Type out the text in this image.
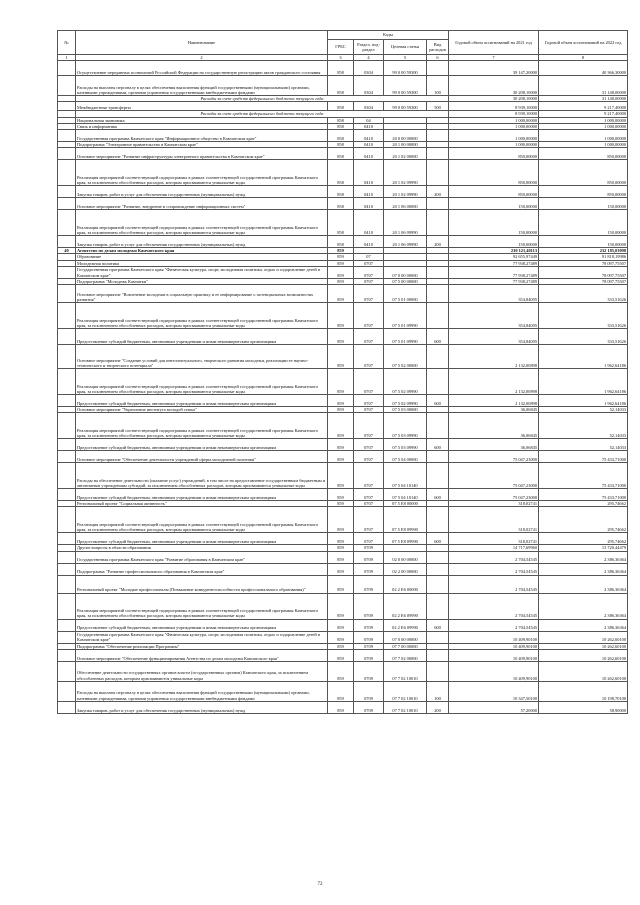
№	Наименование	Коды				Годовой объем ассигнований на 2021 год	Годовой объем ассигнований на 2022 год
		ГРБС	Раздел, под-раздел	Целевая статья	Вид расходов		
1	2	3	4	5	6	7	8
	Осуществление переданных полномочий Российской Федерации на государственную регистрацию актов гражданского состояния	858	0304	99 0 00 59300		39 147,20000	40 366,30000
	Расходы на выплаты персоналу в целях обеспечения выполнения функций государственными (муниципальными) органами, казенными учреждениями, органами управления государственными внебюджетными фондами	858	0304	99 0 00 59300	100	30 208,10000	31 148,00000
	Расходы за счет средств федерального бюджета текущего года					30 208,10000	31 148,00000
	Межбюджетные трансферты	858	0304	99 0 00 59300	500	8 939,10000	9 217,40000
	Расходы за счет средств федерального бюджета текущего года					8 939,10000	9 217,40000
	Национальная экономика	858	04			1 000,00000	1 000,00000
	Связь и информатика	858	0410			1 000,00000	1 000,00000
	Государственная программа Камчатского края "Информационное общество в Камчатском крае"	858	0410	20 0 00 00000		1 000,00000	1 000,00000
	Подпрограмма "Электронное правительство в Камчатском крае"	858	0410	20 1 00 00000		1 000,00000	1 000,00000
	Основное мероприятие "Развитие инфраструктуры электронного правительства в Камчатском крае"	858	0410	20 1 02 00000		850,00000	850,00000
	Реализация мероприятий соответствующей подпрограммы в рамках соответствующей государственной программы Камчатского края, за исключением обособленных расходов, которым присваиваются уникальные коды	858	0410	20 1 02 09990		850,00000	850,00000
	Закупка товаров, работ и услуг для обеспечения государственных (муниципальных) нужд	858	0410	20 1 02 09990	200	850,00000	850,00000
	Основное мероприятие "Развитие, внедрение и сопровождение информационных систем"	858	0410	20 1 06 00000		150,00000	150,00000
	Реализация мероприятий соответствующей подпрограммы в рамках соответствующей государственной программы Камчатского края, за исключением обособленных расходов, которым присваиваются уникальные коды	858	0410	20 1 06 09990		150,00000	150,00000
	Закупка товаров, работ и услуг для обеспечения государственных (муниципальных) нужд	858	0410	20 1 06 09990	200	150,00000	150,00000
40	Агентство по делам молодежи Камчатского края	859				230 121,40113	232 185,03098
	Образование	859	07			92 655,97449	91 818,19986
	Молодежная политика	859	0707			77 938,27489	78 097,75507
	Государственная программа Камчатского края "Физическая культура, спорт, молодежная политика, отдых и оздоровление детей в Камчатском крае"	859	0707	07 0 00 00000		77 938,27489	78 097,75507
	Подпрограмма "Молодежь Камчатки"	859	0707	07 5 00 00000		77 938,27489	78 097,75507
	Основное мероприятие "Вовлечение молодежи в социальную практику и ее информирование о потенциальных возможностях развития"	859	0707	07 5 01 00000		354,84005	333,51626
	Реализация мероприятий соответствующей подпрограммы в рамках соответствующей государственной программы Камчатского края, за исключением обособленных расходов, которым присваиваются уникальные коды	859	0707	07 5 01 09990		354,84005	333,51626
	Предоставление субсидий бюджетным, автономным учреждениям и иным некоммерческим организациям	859	0707	07 5 01 09990	600	354,84005	333,51626
	Основное мероприятие "Создание условий для интеллектуального, творческого развития молодежи, реализации ее научно-технического и творческого потенциала"	859	0707	07 5 02 00000		2 132,00898	1 962,64186
	Реализация мероприятий соответствующей подпрограммы в рамках соответствующей государственной программы Камчатского края, за исключением обособленных расходов, которым присваиваются уникальные коды	859	0707	07 5 02 09990		2 132,00898	1 962,64186
	Предоставление субсидий бюджетным, автономным учреждениям и иным некоммерческим организациям	859	0707	07 5 02 09990	600	2 132,00898	1 962,64186
	Основное мероприятие "Укрепление института молодой семьи"	859	0707	07 5 03 00000		36,06845	52,14033
	Реализация мероприятий соответствующей подпрограммы в рамках соответствующей государственной программы Камчатского края, за исключением обособленных расходов, которым присваиваются уникальные коды	859	0707	07 5 03 09990		36,06845	52,14033
	Предоставление субсидий бюджетным, автономным учреждениям и иным некоммерческим организациям	859	0707	07 5 03 09990	600	36,06845	52,14033
	Основное мероприятие "Обеспечение деятельности учреждений сферы молодежной политики"	859	0707	07 5 04 00000		75 047,23000	75 433,71000
	Расходы на обеспечение деятельности (оказание услуг) учреждений, в том числе на предоставление государственным бюджетным и автономным учреждениям субсидий, за исключением обособленных расходов, которым присваиваются уникальные коды	859	0707	07 5 04 10140		75 047,23000	75 433,71000
	Предоставление субсидий бюджетным, автономным учреждениям и иным некоммерческим организациям	859	0707	07 5 04 10140	600	75 047,23000	75 433,71000
	Региональный проект "Социальная активность"	859	0707	07 5 E8 00000		318,02741	295,74662
	Реализация мероприятий соответствующей подпрограммы в рамках соответствующей государственной программы Камчатского края, за исключением обособленных расходов, которым присваиваются уникальные коды	859	0707	07 5 E8 09990		318,02741	295,74662
	Предоставление субсидий бюджетным, автономным учреждениям и иным некоммерческим организациям	859	0707	07 5 E8 09990	600	318,02741	295,74662
	Другие вопросы в области образования	859	0709			14 717,69960	13 720,44479
	Государственная программа Камчатского края "Развитие образования в Камчатском крае"	859	0709	02 0 00 00000		2 704,54545	2 386,36364
	Подпрограмма "Развитие профессионального образования в Камчатском крае"	859	0709	02 2 00 00000		2 704,54545	2 386,36364
	Региональный проект "Молодые профессионалы (Повышение конкурентоспособности профессионального образования)"	859	0709	02 2 E6 00000		2 704,54545	2 386,36364
	Реализация мероприятий соответствующей подпрограммы в рамках соответствующей государственной программы Камчатского края, за исключением обособленных расходов, которым присваиваются уникальные коды	859	0709	02 2 E6 09990		2 704,54545	2 386,36364
	Предоставление субсидий бюджетным, автономным учреждениям и иным некоммерческим организациям	859	0709	02 2 E6 09990	600	2 704,54545	2 386,36364
	Государственная программа Камчатского края "Физическая культура, спорт, молодежная политика, отдых и оздоровление детей в Камчатском крае"	859	0709	07 0 00 00000		10 409,90100	10 262,60100
	Подпрограмма "Обеспечение реализации Программы"	859	0709	07 7 00 00000		10 409,90100	10 262,60100
	Основное мероприятие "Обеспечение функционирования Агентства по делам молодежи Камчатского края"	859	0709	07 7 02 00000		10 409,90100	10 262,60100
	Обеспечение деятельности государственных органов власти (государственных органов) Камчатского края, за исключением обособленных расходов, которым присваиваются уникальные коды	859	0709	07 7 02 10010		10 409,90100	10 262,60100
	Расходы на выплаты персоналу в целях обеспечения выполнения функций государственными (муниципальными) органами, казенными учреждениями, органами управления государственными внебюджетными фондами	859	0709	07 7 02 10010	100	10 347,50100	10 198,70100
	Закупка товаров, работ и услуг для обеспечения государственных (муниципальных) нужд	859	0709	07 7 02 10010	200	57,20000	58,90000
72
